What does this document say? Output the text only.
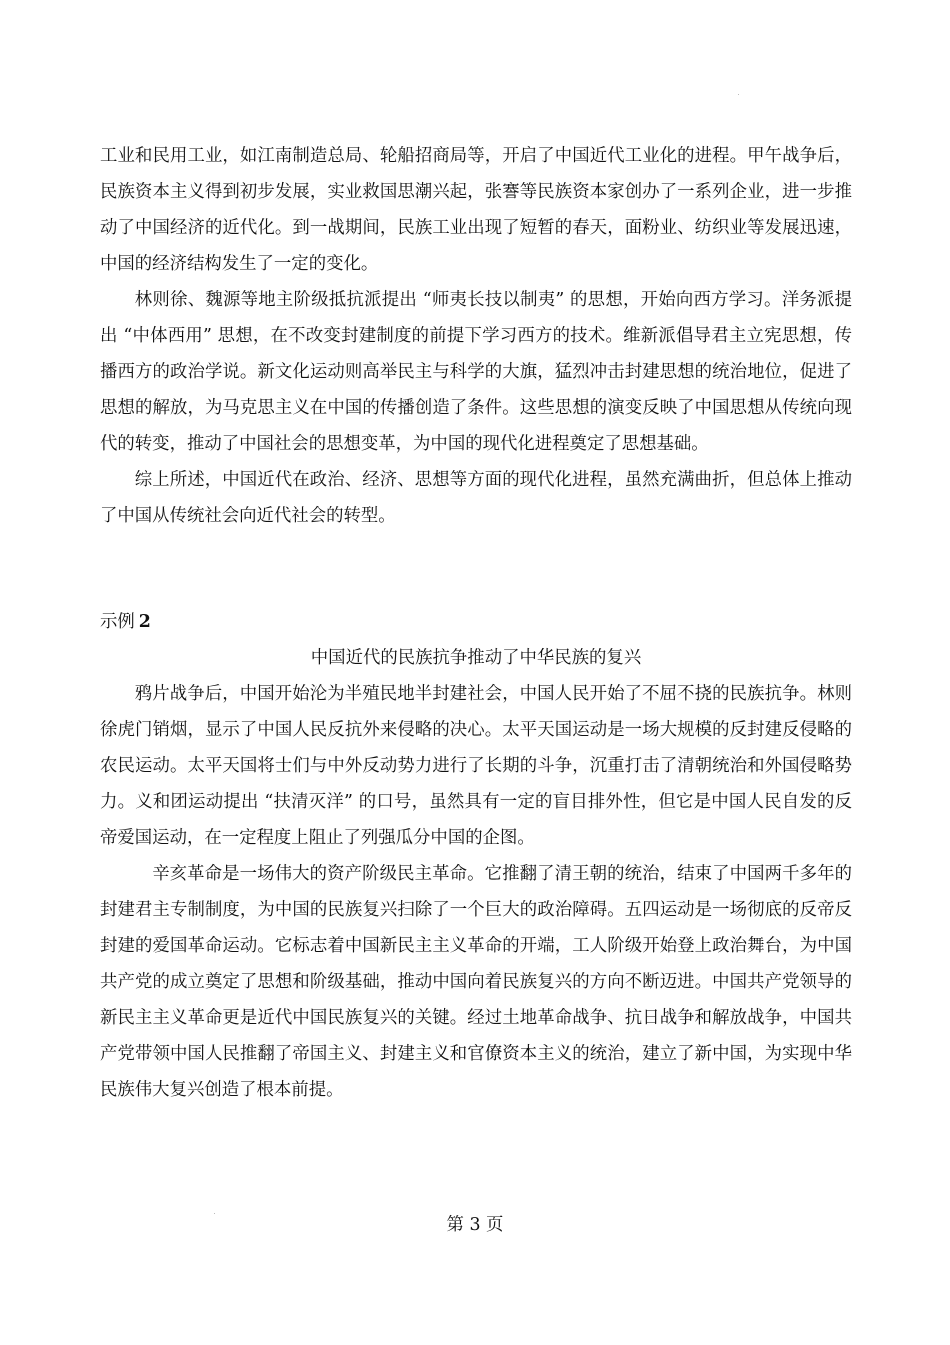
工业和民用工业，如江南制造总局、轮船招商局等，开启了中国近代工业化的进程。甲午战争后，民族资本主义得到初步发展，实业救国思潮兴起，张謇等民族资本家创办了一系列企业，进一步推动了中国经济的近代化。到一战期间，民族工业出现了短暂的春天，面粉业、纺织业等发展迅速，中国的经济结构发生了一定的变化。

林则徐、魏源等地主阶级抵抗派提出 “师夷长技以制夷” 的思想，开始向西方学习。洋务派提出 “中体西用” 思想，在不改变封建制度的前提下学习西方的技术。维新派倡导君主立宪思想，传播西方的政治学说。新文化运动则高举民主与科学的大旗，猛烈冲击封建思想的统治地位，促进了思想的解放，为马克思主义在中国的传播创造了条件。这些思想的演变反映了中国思想从传统向现代的转变，推动了中国社会的思想变革，为中国的现代化进程奠定了思想基础。

综上所述，中国近代在政治、经济、思想等方面的现代化进程，虽然充满曲折，但总体上推动了中国从传统社会向近代社会的转型。

示例 2

中国近代的民族抗争推动了中华民族的复兴

鸦片战争后，中国开始沦为半殖民地半封建社会，中国人民开始了不屈不挠的民族抗争。林则徐虎门销烟，显示了中国人民反抗外来侵略的决心。太平天国运动是一场大规模的反封建反侵略的农民运动。太平天国将士们与中外反动势力进行了长期的斗争，沉重打击了清朝统治和外国侵略势力。义和团运动提出 “扶清灭洋” 的口号，虽然具有一定的盲目排外性，但它是中国人民自发的反帝爱国运动，在一定程度上阻止了列强瓜分中国的企图。

辛亥革命是一场伟大的资产阶级民主革命。它推翻了清王朝的统治，结束了中国两千多年的封建君主专制制度，为中国的民族复兴扫除了一个巨大的政治障碍。五四运动是一场彻底的反帝反封建的爱国革命运动。它标志着中国新民主主义革命的开端，工人阶级开始登上政治舞台，为中国共产党的成立奠定了思想和阶级基础，推动中国向着民族复兴的方向不断迈进。中国共产党领导的新民主主义革命更是近代中国民族复兴的关键。经过土地革命战争、抗日战争和解放战争，中国共产党带领中国人民推翻了帝国主义、封建主义和官僚资本主义的统治，建立了新中国，为实现中华民族伟大复兴创造了根本前提。

第 3 页
